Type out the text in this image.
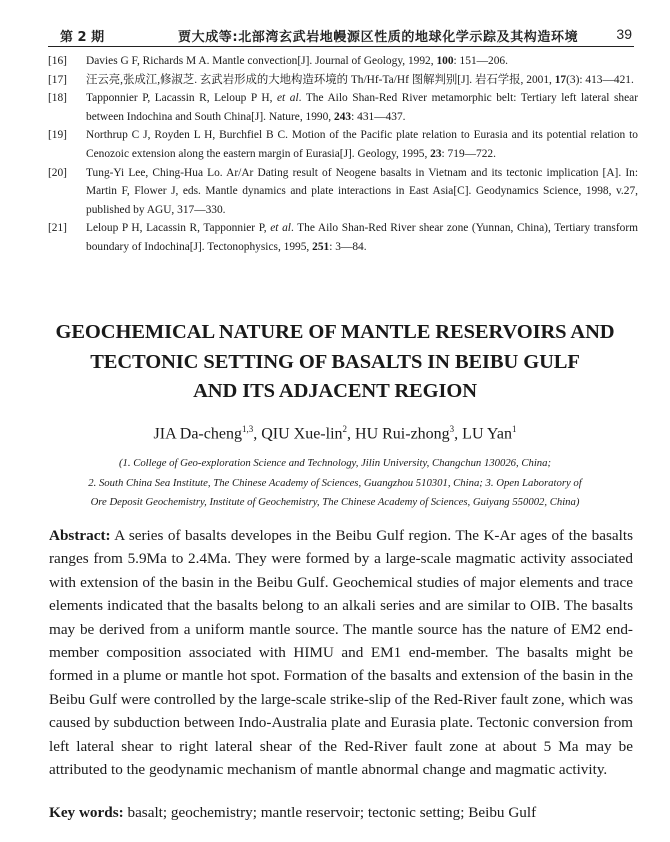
第 2 期	贾大成等:北部湾玄武岩地幔源区性质的地球化学示踪及其构造环境	39
[16]	Davies G F, Richards M A. Mantle convection[J]. Journal of Geology, 1992, 100: 151—206.
[17]	汪云亮,张成江,修淑芝. 玄武岩形成的大地构造环境的 Th/Hf-Ta/Hf 图解判别[J]. 岩石学报, 2001, 17(3): 413—421.
[18]	Tapponnier P, Lacassin R, Leloup P H, et al. The Ailo Shan-Red River metamorphic belt: Tertiary left lateral shear between Indochina and South China[J]. Nature, 1990, 243: 431—437.
[19]	Northrup C J, Royden L H, Burchfiel B C. Motion of the Pacific plate relation to Eurasia and its potential relation to Cenozoic extension along the eastern margin of Eurasia[J]. Geology, 1995, 23: 719—722.
[20]	Tung-Yi Lee, Ching-Hua Lo. Ar/Ar Dating result of Neogene basalts in Vietnam and its tectonic implication [A]. In: Martin F, Flower J, eds. Mantle dynamics and plate interactions in East Asia[C]. Geodynamics Science, 1998, v.27, published by AGU, 317—330.
[21]	Leloup P H, Lacassin R, Tapponnier P, et al. The Ailo Shan-Red River shear zone (Yunnan, China), Tertiary transform boundary of Indochina[J]. Tectonophysics, 1995, 251: 3—84.
GEOCHEMICAL NATURE OF MANTLE RESERVOIRS AND
TECTONIC SETTING OF BASALTS IN BEIBU GULF
AND ITS ADJACENT REGION
JIA Da-cheng$^{1,3}$, QIU Xue-lin$^2$, HU Rui-zhong$^3$, LU Yan$^1$
(1. College of Geo-exploration Science and Technology, Jilin University, Changchun 130026, China;
2. South China Sea Institute, The Chinese Academy of Sciences, Guangzhou 510301, China; 3. Open Laboratory of
Ore Deposit Geochemistry, Institute of Geochemistry, The Chinese Academy of Sciences, Guiyang 550002, China)
Abstract: A series of basalts developes in the Beibu Gulf region. The K-Ar ages of the basalts ranges from 5.9Ma to 2.4Ma. They were formed by a large-scale magmatic activity associated with extension of the basin in the Beibu Gulf. Geochemical studies of major elements and trace elements indicated that the basalts belong to an alkali series and are similar to OIB. The basalts may be derived from a uniform mantle source. The mantle source has the nature of EM2 end-member composition associated with HIMU and EM1 end-member. The basalts might be formed in a plume or mantle hot spot. Formation of the basalts and extension of the basin in the Beibu Gulf were controlled by the large-scale strike-slip of the Red-River fault zone, which was caused by subduction between Indo-Australia plate and Eurasia plate. Tectonic conversion from left lateral shear to right lateral shear of the Red-River fault zone at about 5 Ma may be attributed to the geodynamic mechanism of mantle abnormal change and magmatic activity.
Key words: basalt; geochemistry; mantle reservoir; tectonic setting; Beibu Gulf
